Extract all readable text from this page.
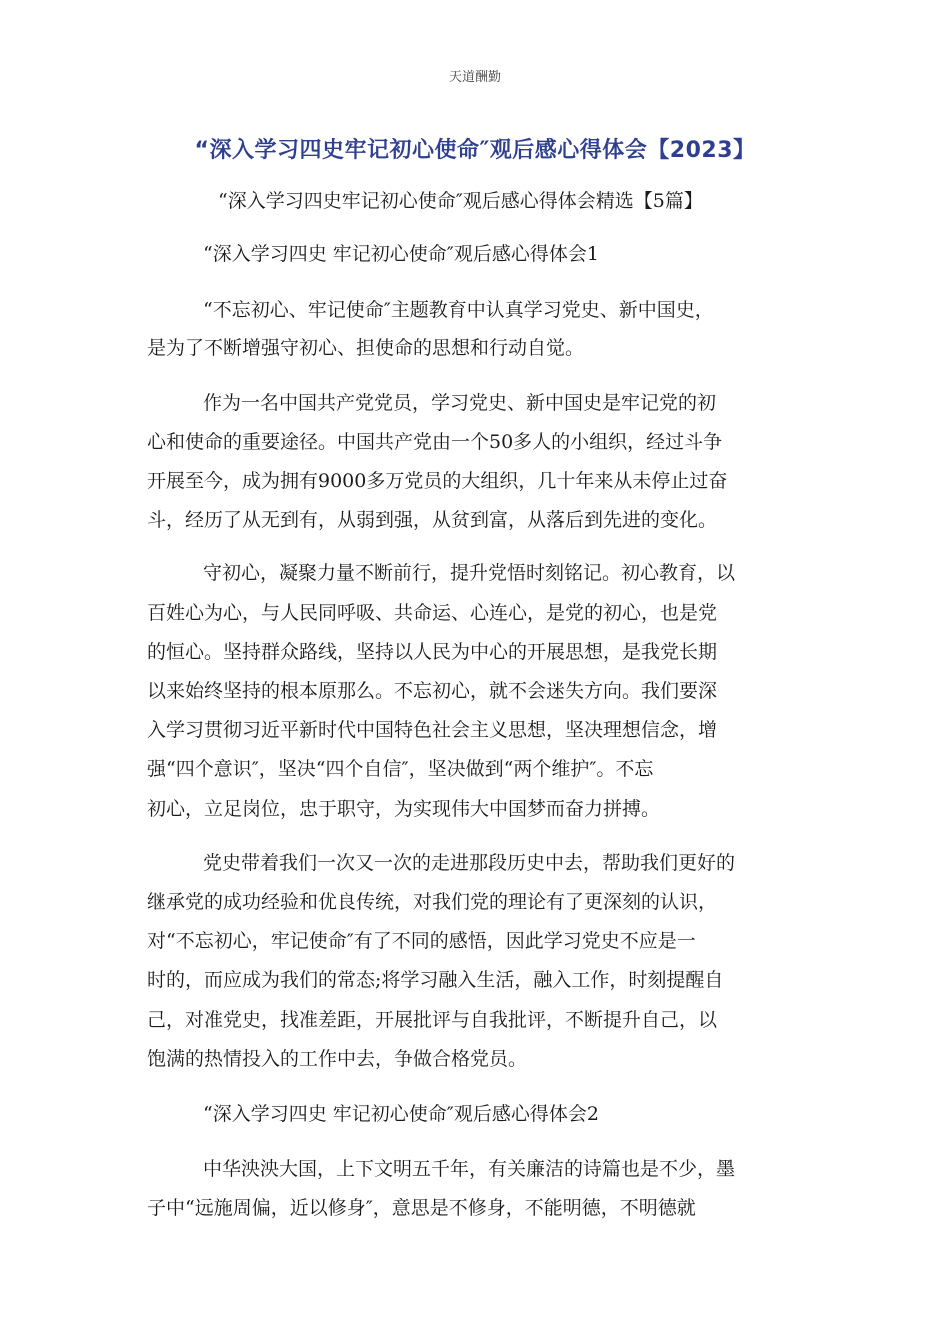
天道酬勤
“深入学习四史牢记初心使命″观后感心得体会【2023】
“深入学习四史牢记初心使命″观后感心得体会精选【5篇】
“深入学习四史 牢记初心使命″观后感心得体会1
“不忘初心、牢记使命″主题教育中认真学习党史、新中国史，
是为了不断增强守初心、担使命的思想和行动自觉。
作为一名中国共产党党员，学习党史、新中国史是牢记党的初
心和使命的重要途径。中国共产党由一个50多人的小组织，经过斗争
开展至今，成为拥有9000多万党员的大组织，几十年来从未停止过奋
斗，经历了从无到有，从弱到强，从贫到富，从落后到先进的变化。
守初心，凝聚力量不断前行，提升党悟时刻铭记。初心教育，以
百姓心为心，与人民同呼吸、共命运、心连心，是党的初心，也是党
的恒心。坚持群众路线，坚持以人民为中心的开展思想，是我党长期
以来始终坚持的根本原那么。不忘初心，就不会迷失方向。我们要深
入学习贯彻习近平新时代中国特色社会主义思想，坚决理想信念，增
强“四个意识″，坚决“四个自信″，坚决做到“两个维护″。不忘
初心，立足岗位，忠于职守，为实现伟大中国梦而奋力拼搏。
党史带着我们一次又一次的走进那段历史中去，帮助我们更好的
继承党的成功经验和优良传统，对我们党的理论有了更深刻的认识，
对“不忘初心，牢记使命″有了不同的感悟，因此学习党史不应是一
时的，而应成为我们的常态;将学习融入生活，融入工作，时刻提醒自
己，对准党史，找准差距，开展批评与自我批评，不断提升自己，以
饱满的热情投入的工作中去，争做合格党员。
“深入学习四史 牢记初心使命″观后感心得体会2
中华泱泱大国，上下文明五千年，有关廉洁的诗篇也是不少，墨
子中“远施周偏，近以修身″，意思是不修身，不能明德，不明德就
